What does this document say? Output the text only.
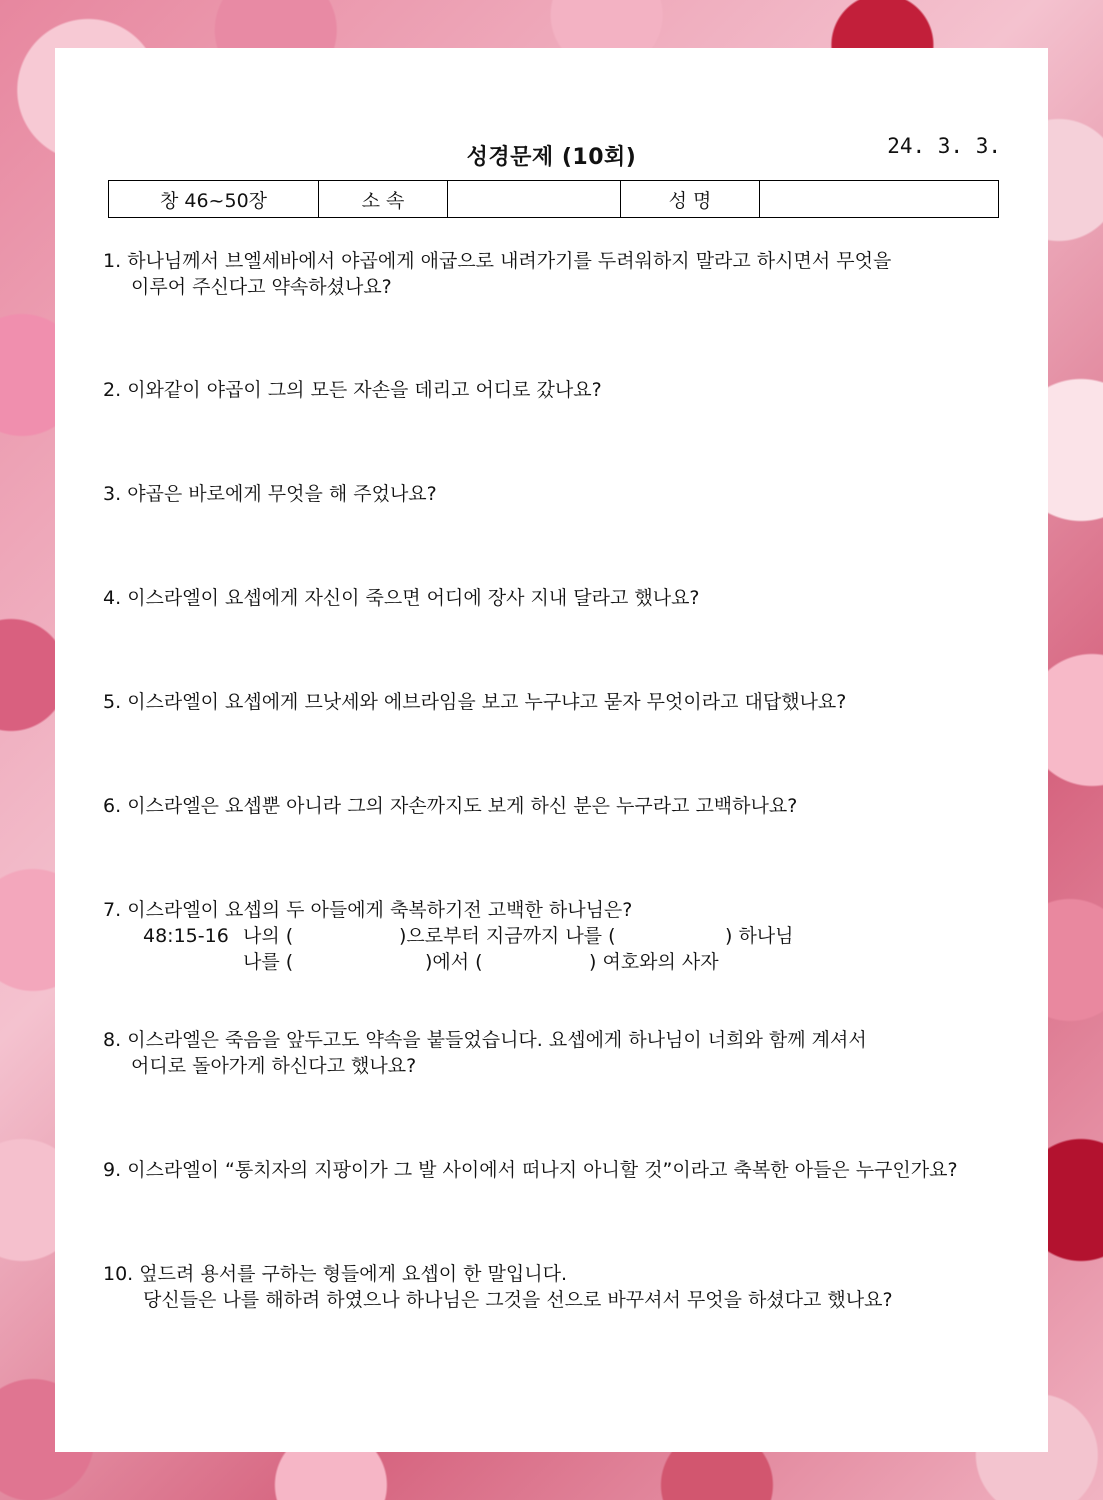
성경문제 (10회)	24. 3. 3.
창 46~50장	소 속		성 명	
1. 하나님께서 브엘세바에서 야곱에게 애굽으로 내려가기를 두려워하지 말라고 하시면서 무엇을
이루어 주신다고 약속하셨나요?
2. 이와같이 야곱이 그의 모든 자손을 데리고 어디로 갔나요?
3. 야곱은 바로에게 무엇을 해 주었나요?
4. 이스라엘이 요셉에게 자신이 죽으면 어디에 장사 지내 달라고 했나요?
5. 이스라엘이 요셉에게 므낫세와 에브라임을 보고 누구냐고 묻자 무엇이라고 대답했나요?
6. 이스라엘은 요셉뿐 아니라 그의 자손까지도 보게 하신 분은 누구라고 고백하나요?
7. 이스라엘이 요셉의 두 아들에게 축복하기전 고백한 하나님은?
48:15-16 나의 (	)으로부터 지금까지 나를 (	) 하나님
나를 (	)에서 (	) 여호와의 사자
8. 이스라엘은 죽음을 앞두고도 약속을 붙들었습니다. 요셉에게 하나님이 너희와 함께 계셔서
어디로 돌아가게 하신다고 했나요?
9. 이스라엘이 “통치자의 지팡이가 그 발 사이에서 떠나지 아니할 것”이라고 축복한 아들은 누구인가요?
10. 엎드려 용서를 구하는 형들에게 요셉이 한 말입니다.
당신들은 나를 해하려 하였으나 하나님은 그것을 선으로 바꾸셔서 무엇을 하셨다고 했나요?
